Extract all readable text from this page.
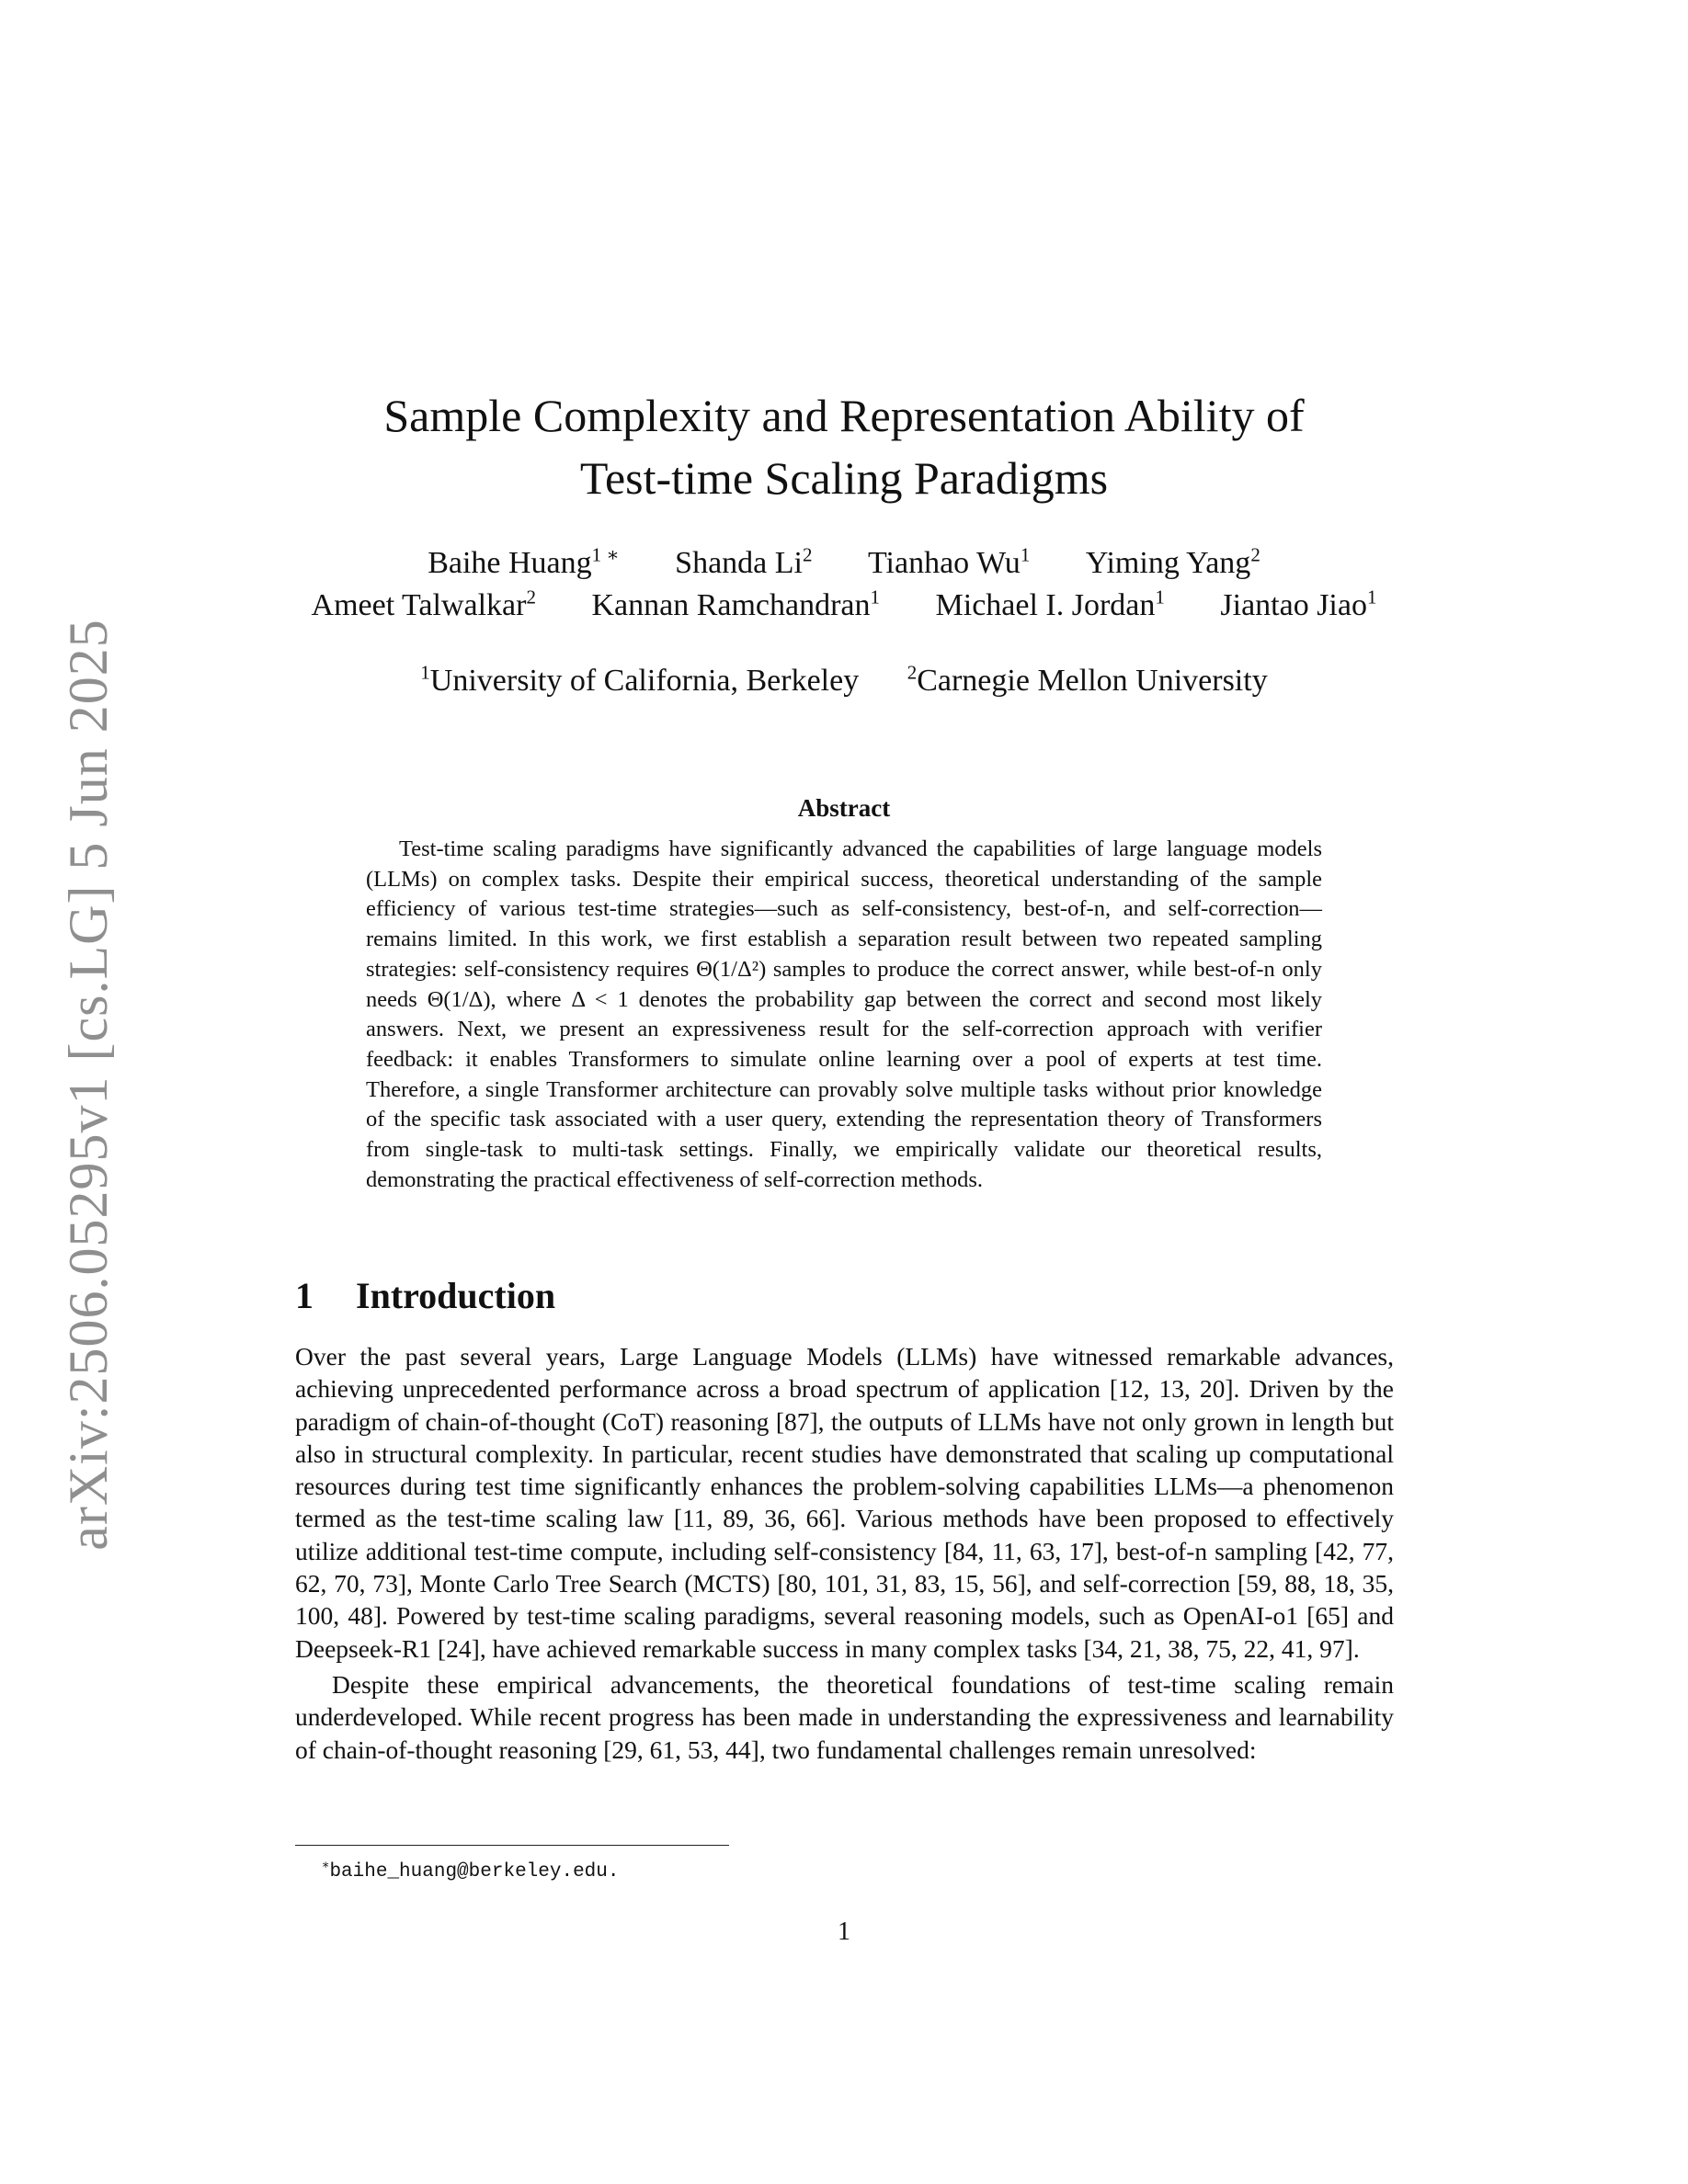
arXiv:2506.05295v1 [cs.LG] 5 Jun 2025
Sample Complexity and Representation Ability of
Test-time Scaling Paradigms
Baihe Huang$^{1 ∗}$ Shanda Li$^2$ Tianhao Wu$^1$ Yiming Yang$^2$
Ameet Talwalkar$^2$ Kannan Ramchandran$^1$ Michael I. Jordan$^1$ Jiantao Jiao$^1$
$^1$University of California, Berkeley	$^2$Carnegie Mellon University
Abstract
Test-time scaling paradigms have significantly advanced the capabilities of large language models (LLMs) on complex tasks. Despite their empirical success, theoretical understanding of the sample efficiency of various test-time strategies—such as self-consistency, best-of-n, and self-correction—remains limited. In this work, we first establish a separation result between two repeated sampling strategies: self-consistency requires Θ(1/Δ²) samples to produce the correct answer, while best-of-n only needs Θ(1/Δ), where Δ < 1 denotes the probability gap between the correct and second most likely answers. Next, we present an expressiveness result for the self-correction approach with verifier feedback: it enables Transformers to simulate online learning over a pool of experts at test time. Therefore, a single Transformer architecture can provably solve multiple tasks without prior knowledge of the specific task associated with a user query, extending the representation theory of Transformers from single-task to multi-task settings. Finally, we empirically validate our theoretical results, demonstrating the practical effectiveness of self-correction methods.
1 Introduction

Over the past several years, Large Language Models (LLMs) have witnessed remarkable advances, achieving unprecedented performance across a broad spectrum of application [12, 13, 20]. Driven by the paradigm of chain-of-thought (CoT) reasoning [87], the outputs of LLMs have not only grown in length but also in structural complexity. In particular, recent studies have demonstrated that scaling up computational resources during test time significantly enhances the problem-solving capabilities LLMs—a phenomenon termed as the test-time scaling law [11, 89, 36, 66]. Various methods have been proposed to effectively utilize additional test-time compute, including self-consistency [84, 11, 63, 17], best-of-n sampling [42, 77, 62, 70, 73], Monte Carlo Tree Search (MCTS) [80, 101, 31, 83, 15, 56], and self-correction [59, 88, 18, 35, 100, 48]. Powered by test-time scaling paradigms, several reasoning models, such as OpenAI-o1 [65] and Deepseek-R1 [24], have achieved remarkable success in many complex tasks [34, 21, 38, 75, 22, 41, 97].

Despite these empirical advancements, the theoretical foundations of test-time scaling remain underdeveloped. While recent progress has been made in understanding the expressiveness and learnability of chain-of-thought reasoning [29, 61, 53, 44], two fundamental challenges remain unresolved:

∗baihe_huang@berkeley.edu.
1
